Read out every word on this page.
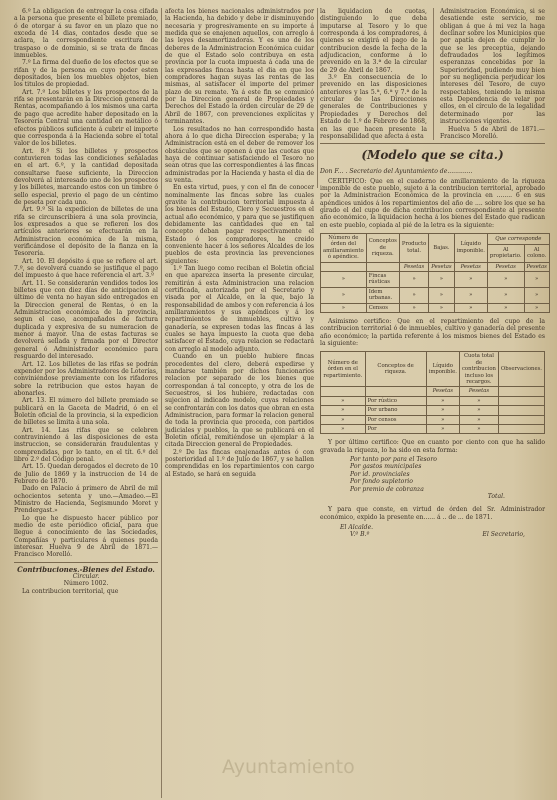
6.º La obligacion de entregar la cosa cifada a la persona que presente el billete premiado, ó de otorgar á su favor en un plazo que no exceda de 14 dias, contados desde que se aclara, la correspondiente escritura de traspaso o de dominio, si se trata de fincas inmuebles.

7.º La firma del dueño de los efectos que se rifan y de la persona en cuyo poder esten depositados, bien los muebles objetos, bien los titulos de propiedad.

Art. 7.º Los billetes y los prospectos de la rifa se presentarán en la Direccion general de Rentas, acompañando á los mismos una carta de pago que acredite haber depositado en la Tesorería Central una cantidad en metálico ó efectos públicos suficiente á cubrir el importe que corresponda á la Hacienda sobre el total valor de los billetes.

Art. 8.º Si los billetes y prospectos contuvieren todas las condiciones señaladas en el art. 6.º, y la cantidad depositada consultarse fuese suficiente, la Direccion devolverá al interesado uno de los prospectos y los billetes, marcando estos con un timbre ó sello especial, previo el pago de un céntimo de peseta por cada uno.

Art. 9.º Si la expedicion de billetes de una rifa se circunscribiera á una sola provincia, los expresados a que se refieren los dos artículos anteriores se efectuarán en la Administracion económica de la misma, verificándose el depósito de la fianza en la Tesorería.

Art. 10. El depósito á que se refiere el art. 7.º, se devolverá cuando se justifique el pago del impuesto á que hace referencia el art. 3.º

Art. 11. Se considerarán vendidos todos los billetes que con diez días de anticipacion al último de venta no hayan sido entregados en la Direccion general de Rentas, ó en la Administracion económica de la provincia, segun el caso, acompañados de factura duplicada y expresiva de su numeracion de menor á mayor. Una de estas facturas se devolverá sellada y firmada por el Director general ó Administrador económico para resguardo del interesado.

Art. 12. Los billetes de las rifas se podrán expender por los Administradores de Loterías, conviniéndose previamente con los rifadores sobre la retribucion que estos hayan de abonarles.

Art. 13. El número del billete premiado se publicará en la Gaceta de Madrid, ó en el Boletín oficial de la provincia, si la expedicion de billetes se limita á una sola.

Art. 14. Las rifas que se celebren contraviniendo á las disposiciones de esta instruccion, se considerarán fraudulentas y comprendidas, por lo tanto, en el tít. 6.º del libro 2.º del Código penal.

Art. 15. Quedan derogados el decreto de 10 de Julio de 1869 y la instruccion de 14 de Febrero de 1870.

Dado en Palacio á primero de Abril de mil ochocientos setenta y uno.—Amadeo.—El Ministro de Hacienda, Segismundo Moret y Prendergast.»

Lo que he dispuesto hacer público por medio de este periódico oficial, para que llegue á conocimiento de las Sociedades, Compañías y particulares á quienes pueda interesar. Huelva 9 de Abril de 1871.—Francisco Morelló.

Contribuciones.-Bienes del Estado.

Circular.

Número 1002.

La contribucion territorial, que

afecta los bienes nacionales administrados por la Hacienda, ha debido y debe ir disminuyendo necesaria y progresivamente en su importe á medida que se enajenen aquellos, con arreglo á las leyes desamortizadoras. Y es uno de los deberes de la Administracion Económica cuidar de que el Estado solo contribuya en esta provincia por la cuota impuesta á cada una de las expresadas fincas hasta el dia en que los compradores hagan suyas las rentas de las mismas, al satisfacer el importe del primer plazo de su remate. Ya á este fin se comunicó por la Direccion general de Propiedades y Derechos del Estado la órden circular de 29 de Abril de 1867, con prevenciones explícitas y terminantes.

Los resultados no han correspondido hasta ahora á lo que dicha Direccion esperaba; y la Administracion está en el deber de remover los obstáculos que se oponen á que las cuotas que haya de continuar satisfaciendo el Tesoro no sean otras que las correspondientes á las fincas administradas por la Hacienda y hasta el dia de su venta.

En esta virtud, pues, y con el fin de conocer nominalmente las fincas sobre las cuales gravite la contribucion territorial impuesta á los bienes del Estado, Clero y Secuestros en el actual año económico, y para que se justifiquen debidamente las cantidades que en tal concepto deban pagar respectivamente el Estado ó los compradores, he creido conveniente hacer á los señores Alcaldes de los pueblos de esta provincia las prevenciones siguientes:

1.º Tan luego como reciban el Boletin oficial en que aparezca inserta la presente circular, remitirán á esta Administracion una relacion certificada, autorizada por el Secretario y visada por el Alcalde, en la que, bajo la responsabilidad de ambos y con referencia á los amillaramientos y sus apéndices y á los repartimientos de inmuebles, cultivo y ganadería, se expresen todas las fincas á las cuales se haya impuesto la cuota que deba satisfacer el Estado, cuya relacion se redactará con arreglo al modelo adjunto.

Cuando en un pueblo hubiere fincas procedentes del clero, deberá expedirse y mandarse también por dichos funcionarios relacion por separado de los bienes que correspondan á tal concepto, y otra de los de Secuestros, si los hubiere, redactadas con sujecion al indicado modelo, cuyas relaciones se confrontarán con los datos que obran en esta Administracion, para formar la relacion general de toda la provincia que proceda, con partidos judiciales y pueblos, la que se publicará en el Boletin oficial, remitiéndose un ejemplar á la citada Direccion general de Propiedades.

2.º De las fincas enajenadas antes ó con posterioridad al 1.º de Julio de 1867, y se hallen comprendidas en los repartimientos con cargo al Estado, se hará en seguida

la liquidacion de cuotas, distinguiendo lo que deba imputarse al Tesoro y lo que corresponda á los compradores, á quienes se exigirá el pago de la contribucion desde la fecha de la adjudicacion, conforme á lo prevenido en la 3.ª de la circular de 29 de Abril de 1867.

3.º En consecuencia de lo prevenido en las disposiciones anteriores y las 5.ª, 6.ª y 7.ª de la circular de las Direcciones generales de Contribuciones y Propiedades y Derechos del Estado de 1.º de Febrero de 1868, en las que hacen presente la responsabilidad que afecta á esta

Administracion Económica, si se desatiende este servicio, me obligan á que á mi vez la haga declinar sobre los Municipios que por apatía dejen de cumplir lo que se les preceptúa, dejando defraudados los legítimos esperanzas concebidas por la Superioridad, pudiendo muy bien por su negligencia perjudicar los intereses del Tesoro, de cuyo respectables, teniendo la misma esta Dependencia de velar por ellos, en el círculo de la legalidad determinado por las instrucciones vigentes.

Huelva 5 de Abril de 1871.—Francisco Morelló.

(Modelo que se cita.)

Don F... . Secretario del Ayuntamiento de.............

CERTIFICO: Que en el cuaderno de amillaramiento de la riqueza imponible de este pueblo, sujeto á la contribucion territorial, aprobado por la Administracion Económica de la provincia en ........ 6 en sus apéndices unidos á los repartimientos del año de .... sobre los que se ha girado el del cupo de dicha contribucion correspondiente al presente año económico, la liquidacion hecha á los bienes del Estado que radican en este pueblo, copiada al pié de la letra es la siguiente:

Número de órden del amillaramiento ó apéndice.	Conceptos de riqueza.	Producto total.	Bajas.	Líquido imponible.	Que corresponde	
					Al propietario.	Al colono.
		Pesetas	Pesetas	Pesetas	Pesetas	Pesetas
»	Fincas rústicas	»	»	»	»	»
»	Idem urbanas.	»	»	»	»	»
»	Censos	»	»	»	»	»

Asimismo certifico: Que en el repartimiento del cupo de la contribucion territorial ó de inmuebles, cultivo y ganadería del presente año económico; la partida referente á los mismos bienes del Estado es la siguiente:

Número de órden en el repartimiento.	Conceptos de riqueza.	Líquido imponible.	Cuota total de contribucion incluso los recargos.	Observaciones.
		Pesetas	Pesetas	
»	Por rústico	»	»	
»	Por urbano	»	»	
»	Por censos	»	»	
»	Por	»	»	

Y por último certifico: Que en cuanto por ciento con que ha salido gravada la riqueza, lo ha sido en esta forma:

Por tanto por para el Tesoro

Por gastos municipales

Por id. provinciales

Por fondo supletorio

Por premio de cobranza

Total.

Y para que conste, en virtud de órden del Sr. Administrador económico, expido la presente en...... á .. de ... de 1871.

El Alcalde.
V.º B.º	El Secretario,
Ayuntamiento
